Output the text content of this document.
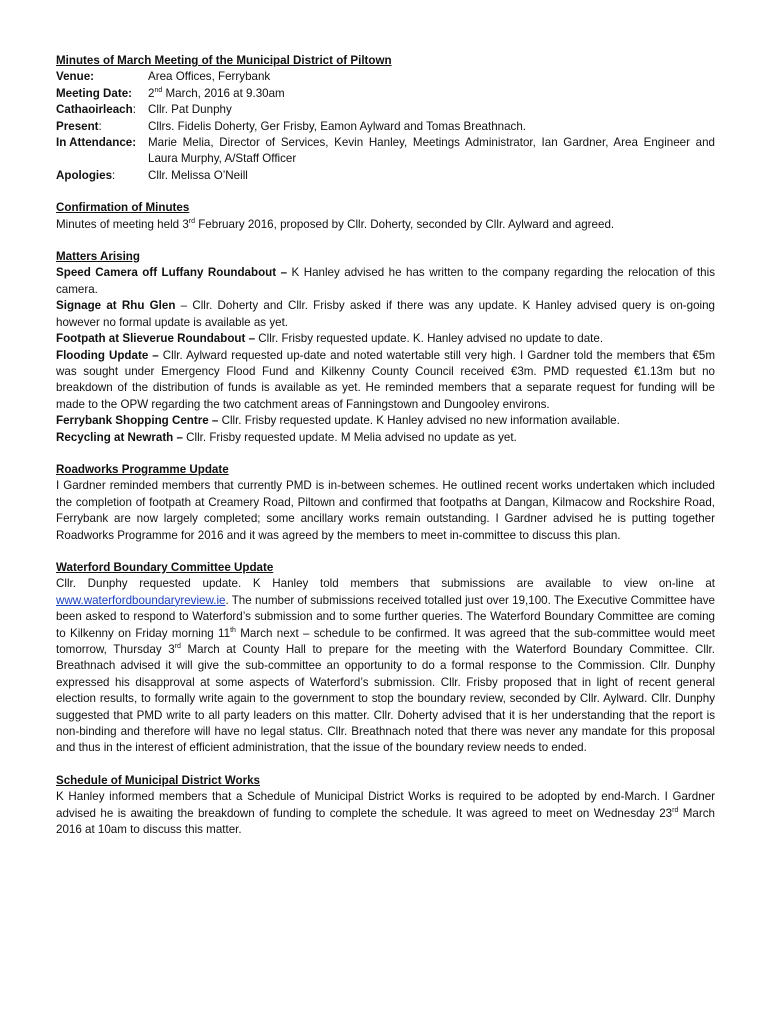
Minutes of March Meeting of the Municipal District of Piltown
Venue:	Area Offices, Ferrybank
Meeting Date:	2nd March, 2016 at 9.30am
Cathaoirleach:	Cllr. Pat Dunphy
Present:	Cllrs. Fidelis Doherty, Ger Frisby, Eamon Aylward and Tomas Breathnach.
In Attendance:	Marie Melia, Director of Services, Kevin Hanley, Meetings Administrator, Ian Gardner, Area Engineer and Laura Murphy, A/Staff Officer
Apologies:	Cllr. Melissa O’Neill
Confirmation of Minutes

Minutes of meeting held 3rd February 2016, proposed by Cllr. Doherty, seconded by Cllr. Aylward and agreed.

Matters Arising

Speed Camera off Luffany Roundabout – K Hanley advised he has written to the company regarding the relocation of this camera.

Signage at Rhu Glen – Cllr. Doherty and Cllr. Frisby asked if there was any update. K Hanley advised query is on-going however no formal update is available as yet.

Footpath at Slieverue Roundabout – Cllr. Frisby requested update. K. Hanley advised no update to date.

Flooding Update – Cllr. Aylward requested up-date and noted watertable still very high. I Gardner told the members that €5m was sought under Emergency Flood Fund and Kilkenny County Council received €3m. PMD requested €1.13m but no breakdown of the distribution of funds is available as yet. He reminded members that a separate request for funding will be made to the OPW regarding the two catchment areas of Fanningstown and Dungooley environs.

Ferrybank Shopping Centre – Cllr. Frisby requested update. K Hanley advised no new information available.

Recycling at Newrath – Cllr. Frisby requested update. M Melia advised no update as yet.

Roadworks Programme Update

I Gardner reminded members that currently PMD is in-between schemes. He outlined recent works undertaken which included the completion of footpath at Creamery Road, Piltown and confirmed that footpaths at Dangan, Kilmacow and Rockshire Road, Ferrybank are now largely completed; some ancillary works remain outstanding. I Gardner advised he is putting together Roadworks Programme for 2016 and it was agreed by the members to meet in-committee to discuss this plan.

Waterford Boundary Committee Update

Cllr. Dunphy requested update. K Hanley told members that submissions are available to view on-line at www.waterfordboundaryreview.ie. The number of submissions received totalled just over 19,100. The Executive Committee have been asked to respond to Waterford’s submission and to some further queries. The Waterford Boundary Committee are coming to Kilkenny on Friday morning 11th March next – schedule to be confirmed. It was agreed that the sub-committee would meet tomorrow, Thursday 3rd March at County Hall to prepare for the meeting with the Waterford Boundary Committee. Cllr. Breathnach advised it will give the sub-committee an opportunity to do a formal response to the Commission. Cllr. Dunphy expressed his disapproval at some aspects of Waterford’s submission. Cllr. Frisby proposed that in light of recent general election results, to formally write again to the government to stop the boundary review, seconded by Cllr. Aylward. Cllr. Dunphy suggested that PMD write to all party leaders on this matter. Cllr. Doherty advised that it is her understanding that the report is non-binding and therefore will have no legal status. Cllr. Breathnach noted that there was never any mandate for this proposal and thus in the interest of efficient administration, that the issue of the boundary review needs to ended.

Schedule of Municipal District Works

K Hanley informed members that a Schedule of Municipal District Works is required to be adopted by end-March. I Gardner advised he is awaiting the breakdown of funding to complete the schedule. It was agreed to meet on Wednesday 23rd March 2016 at 10am to discuss this matter.
